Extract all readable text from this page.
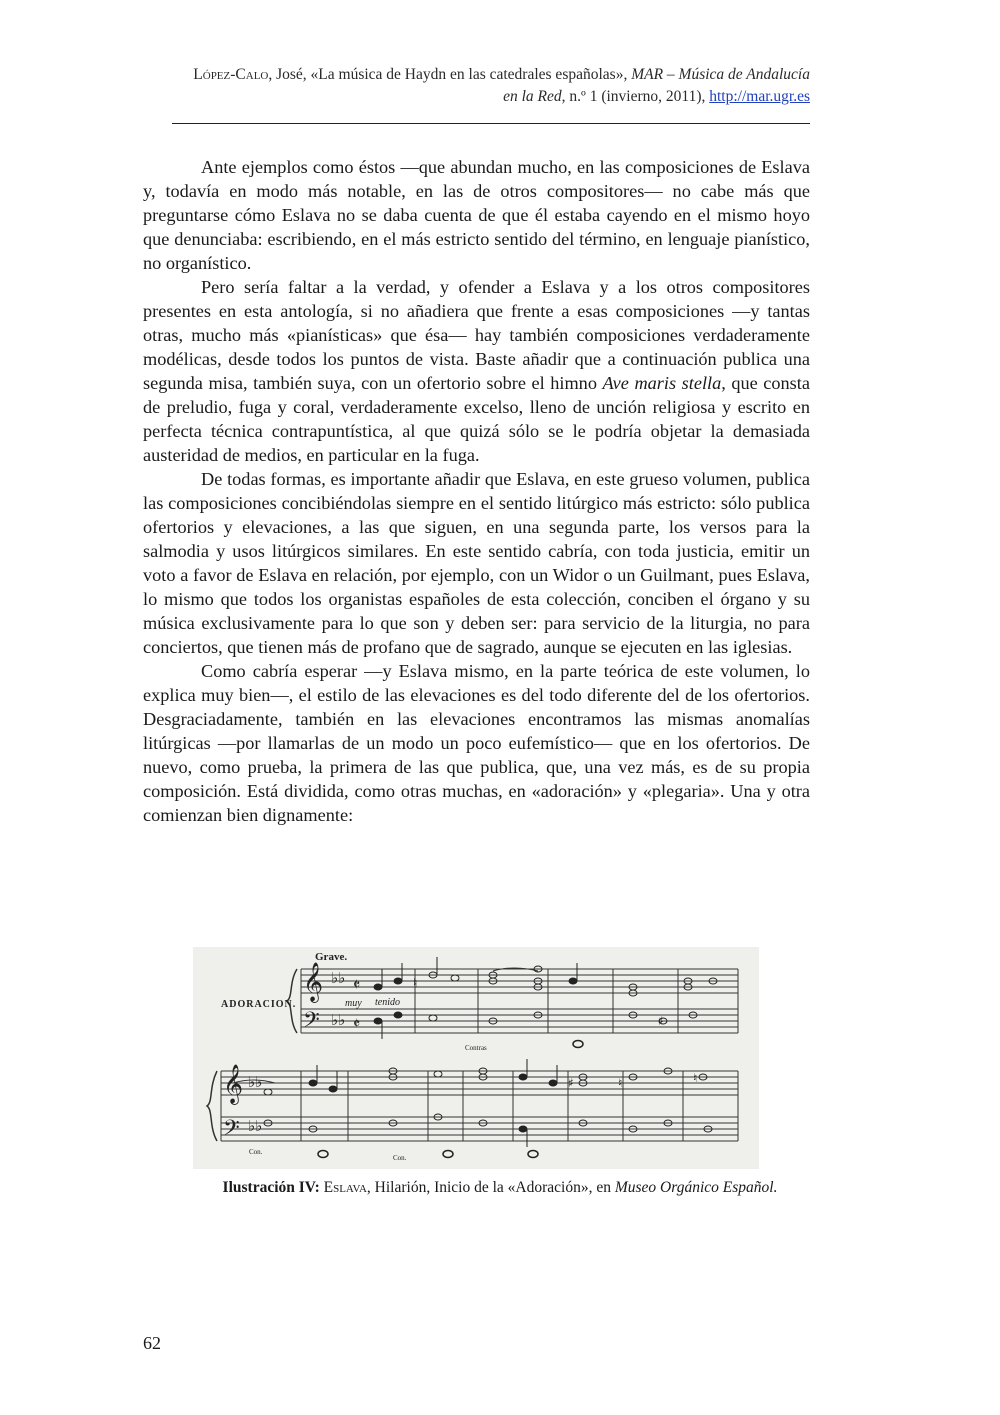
López-Calo, José, «La música de Haydn en las catedrales españolas», MAR – Música de Andalucía
en la Red, n.º 1 (invierno, 2011), http://mar.ugr.es

Ante ejemplos como éstos —que abundan mucho, en las composiciones de Eslava y, todavía en modo más notable, en las de otros compositores— no cabe más que preguntarse cómo Eslava no se daba cuenta de que él estaba cayendo en el mismo hoyo que denunciaba: escribiendo, en el más estricto sentido del término, en lenguaje pianístico, no organístico.

Pero sería faltar a la verdad, y ofender a Eslava y a los otros compositores presentes en esta antología, si no añadiera que frente a esas composiciones —y tantas otras, mucho más «pianísticas» que ésa— hay también composiciones verdaderamente modélicas, desde todos los puntos de vista. Baste añadir que a continuación publica una segunda misa, también suya, con un ofertorio sobre el himno Ave maris stella, que consta de preludio, fuga y coral, verdaderamente excelso, lleno de unción religiosa y escrito en perfecta técnica contrapuntística, al que quizá sólo se le podría objetar la demasiada austeridad de medios, en particular en la fuga.

De todas formas, es importante añadir que Eslava, en este grueso volumen, publica las composiciones concibiéndolas siempre en el sentido litúrgico más estricto: sólo publica ofertorios y elevaciones, a las que siguen, en una segunda parte, los versos para la salmodia y usos litúrgicos similares. En este sentido cabría, con toda justicia, emitir un voto a favor de Eslava en relación, por ejemplo, con un Widor o un Guilmant, pues Eslava, lo mismo que todos los organistas españoles de esta colección, conciben el órgano y su música exclusivamente para lo que son y deben ser: para servicio de la liturgia, no para conciertos, que tienen más de profano que de sagrado, aunque se ejecuten en las iglesias.

Como cabría esperar —y Eslava mismo, en la parte teórica de este volumen, lo explica muy bien—, el estilo de las elevaciones es del todo diferente del de los ofertorios. Desgraciadamente, también en las elevaciones encontramos las mismas anomalías litúrgicas —por llamarlas de un modo un poco eufemístico— que en los ofertorios. De nuevo, como prueba, la primera de las que publica, que, una vez más, es de su propia composición. Está dividida, como otras muchas, en «adoración» y «plegaria». Una y otra comienzan bien dignamente:

𝄞
𝄢
𝄞
𝄢
♭♭
♭♭
𝄵
𝄵
♭♭
♭♭
Grave.
ADORACION.	muy tenido
Contras
Con.
Con.
♮
♯
♯	♮	♮
Ilustración IV: Eslava, Hilarión, Inicio de la «Adoración», en Museo Orgánico Español.
62
